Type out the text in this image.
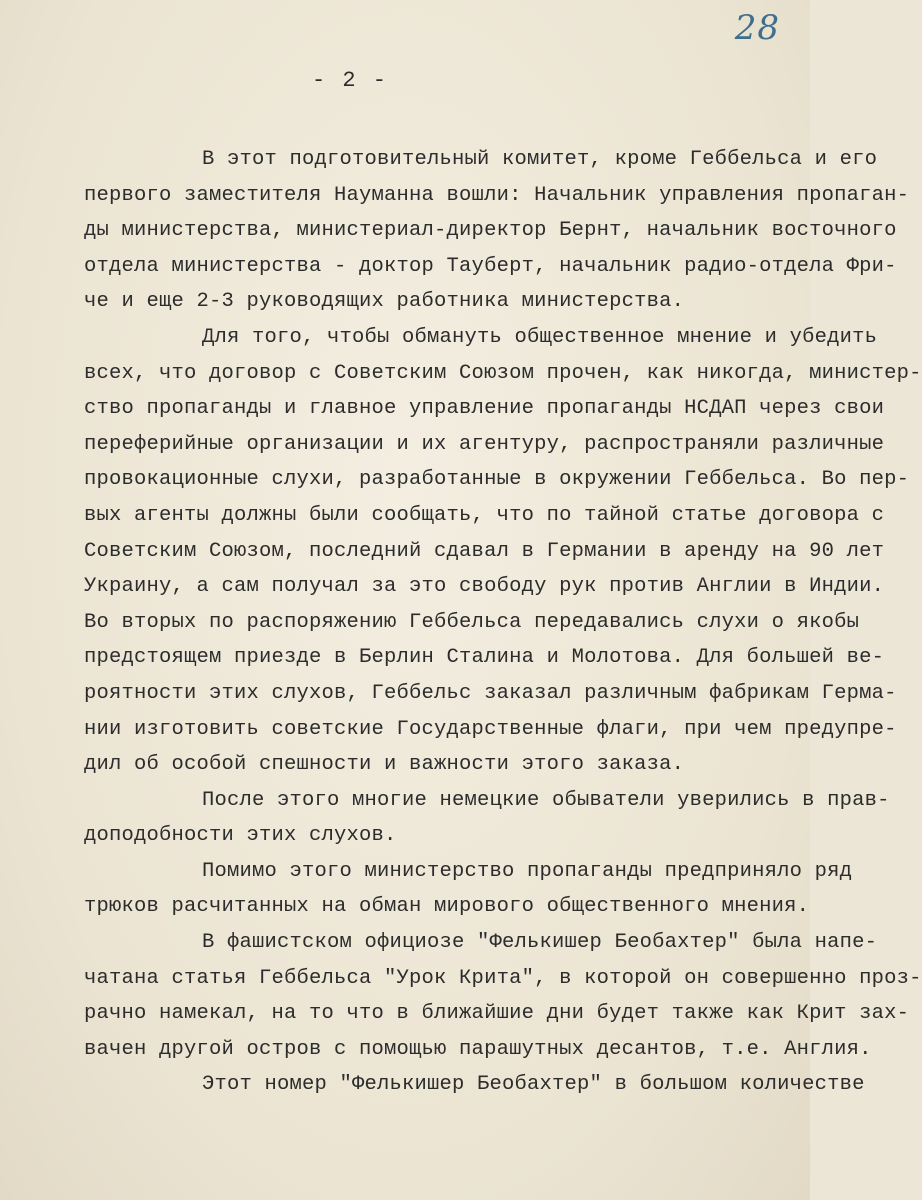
28
- 2 -
В этот подготовительный комитет, кроме Геббельса и его
первого заместителя Науманна вошли: Начальник управления пропаган-
ды министерства, министериал-директор Бернт, начальник восточного
отдела министерства - доктор Тауберт, начальник радио-отдела Фри-
че и еще 2-3 руководящих работника министерства.
Для того, чтобы обмануть общественное мнение и убедить
всех, что договор с Советским Союзом прочен, как никогда, министер-
ство пропаганды и главное управление пропаганды НСДАП через свои
переферийные организации и их агентуру, распространяли различные
провокационные слухи, разработанные в окружении Геббельса. Во пер-
вых агенты должны были сообщать, что по тайной статье договора с
Советским Союзом, последний сдавал в Германии в аренду на 90 лет
Украину, а сам получал за это свободу рук против Англии в Индии.
Во вторых по распоряжению Геббельса передавались слухи о якобы
предстоящем приезде в Берлин Сталина и Молотова. Для большей ве-
роятности этих слухов, Геббельс заказал различным фабрикам Герма-
нии изготовить советские Государственные флаги, при чем предупре-
дил об особой спешности и важности этого заказа.
После этого многие немецкие обыватели уверились в прав-
доподобности этих слухов.
Помимо этого министерство пропаганды предприняло ряд
трюков расчитанных на обман мирового общественного мнения.
В фашистском официозе "Фелькишер Беобахтер" была напе-
чатана статья Геббельса "Урок Крита", в которой он совершенно проз-
рачно намекал, на то что в ближайшие дни будет также как Крит зах-
вачен другой остров с помощью парашутных десантов, т.е. Англия.
Этот номер "Фелькишер Беобахтер" в большом количестве
